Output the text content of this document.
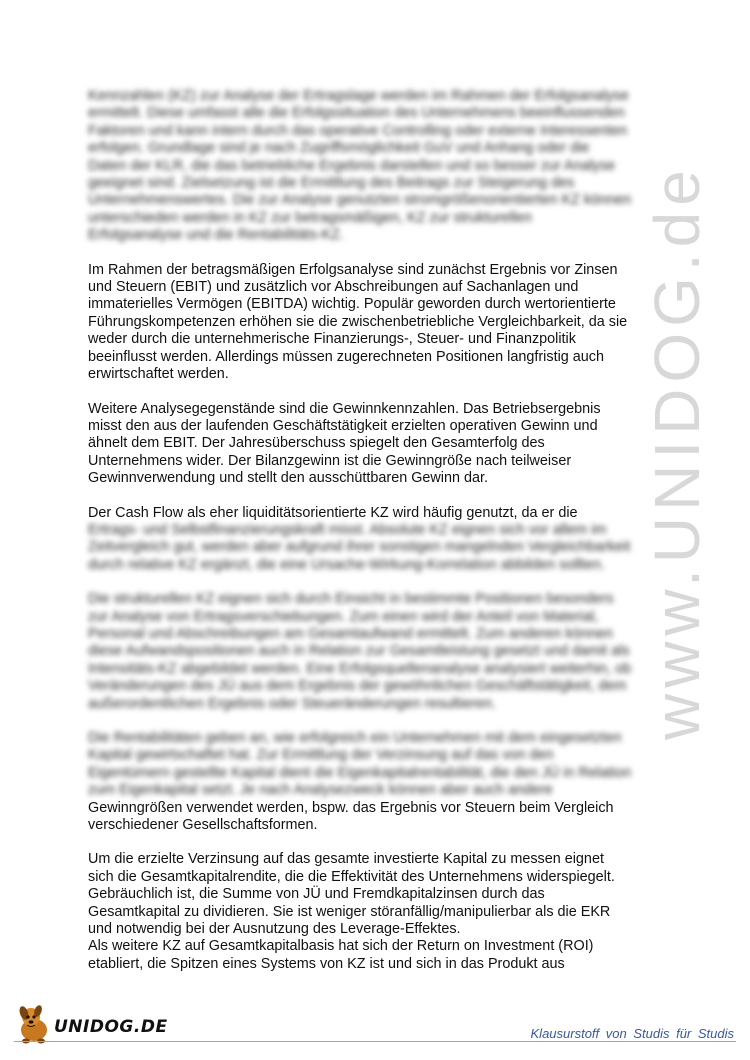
www.UNIDOG.de

Kennzahlen (KZ) zur Analyse der Ertragslage werden im Rahmen der Erfolgsanalyse
ermittelt. Diese umfasst alle die Erfolgssituation des Unternehmens beeinflussenden
Faktoren und kann intern durch das operative Controlling oder externe Interessenten
erfolgen. Grundlage sind je nach Zugriffsmöglichkeit GuV und Anhang oder die
Daten der KLR, die das betriebliche Ergebnis darstellen und so besser zur Analyse
geeignet sind. Zielsetzung ist die Ermittlung des Beitrags zur Steigerung des
Unternehmenswertes. Die zur Analyse genutzten stromgrößenorientierten KZ können
unterschieden werden in KZ zur betragsmäßigen, KZ zur strukturellen
Erfolgsanalyse und die Rentabilitäts-KZ.

Im Rahmen der betragsmäßigen Erfolgsanalyse sind zunächst Ergebnis vor Zinsen
und Steuern (EBIT) und zusätzlich vor Abschreibungen auf Sachanlagen und
immaterielles Vermögen (EBITDA) wichtig. Populär geworden durch wertorientierte
Führungskompetenzen erhöhen sie die zwischenbetriebliche Vergleichbarkeit, da sie
weder durch die unternehmerische Finanzierungs-, Steuer- und Finanzpolitik
beeinflusst werden. Allerdings müssen zugerechneten Positionen langfristig auch
erwirtschaftet werden.

Weitere Analysegegenstände sind die Gewinnkennzahlen. Das Betriebsergebnis
misst den aus der laufenden Geschäftstätigkeit erzielten operativen Gewinn und
ähnelt dem EBIT. Der Jahresüberschuss spiegelt den Gesamterfolg des
Unternehmens wider. Der Bilanzgewinn ist die Gewinngröße nach teilweiser
Gewinnverwendung und stellt den ausschüttbaren Gewinn dar.

Der Cash Flow als eher liquiditätsorientierte KZ wird häufig genutzt, da er die
Ertrags- und Selbstfinanzierungskraft misst. Absolute KZ eignen sich vor allem im
Zeitvergleich gut, werden aber aufgrund ihrer sonstigen mangelnden Vergleichbarkeit
durch relative KZ ergänzt, die eine Ursache-Wirkung-Korrelation abbilden sollten.

Die strukturellen KZ eignen sich durch Einsicht in bestimmte Positionen besonders
zur Analyse von Ertragsverschiebungen. Zum einen wird der Anteil von Material,
Personal und Abschreibungen am Gesamtaufwand ermittelt. Zum anderen können
diese Aufwandspositionen auch in Relation zur Gesamtleistung gesetzt und damit als
Intensitäts-KZ abgebildet werden. Eine Erfolgsquellenanalyse analysiert weiterhin, ob
Veränderungen des JÜ aus dem Ergebnis der gewöhnlichen Geschäftstätigkeit, dem
außerordentlichen Ergebnis oder Steueränderungen resultieren.

Die Rentabilitäten geben an, wie erfolgreich ein Unternehmen mit dem eingesetzten
Kapital gewirtschaftet hat. Zur Ermittlung der Verzinsung auf das von den
Eigentümern gestellte Kapital dient die Eigenkapitalrentabilität, die den JÜ in Relation
zum Eigenkapital setzt. Je nach Analysezweck können aber auch andere
Gewinngrößen verwendet werden, bspw. das Ergebnis vor Steuern beim Vergleich
verschiedener Gesellschaftsformen.

Um die erzielte Verzinsung auf das gesamte investierte Kapital zu messen eignet
sich die Gesamtkapitalrendite, die die Effektivität des Unternehmens widerspiegelt.
Gebräuchlich ist, die Summe von JÜ und Fremdkapitalzinsen durch das
Gesamtkapital zu dividieren. Sie ist weniger störanfällig/manipulierbar als die EKR
und notwendig bei der Ausnutzung des Leverage-Effektes.
Als weitere KZ auf Gesamtkapitalbasis hat sich der Return on Investment (ROI)
etabliert, die Spitzen eines Systems von KZ ist und sich in das Produkt aus

UNIDOG.DE	Klausurstoff von Studis für Studis
